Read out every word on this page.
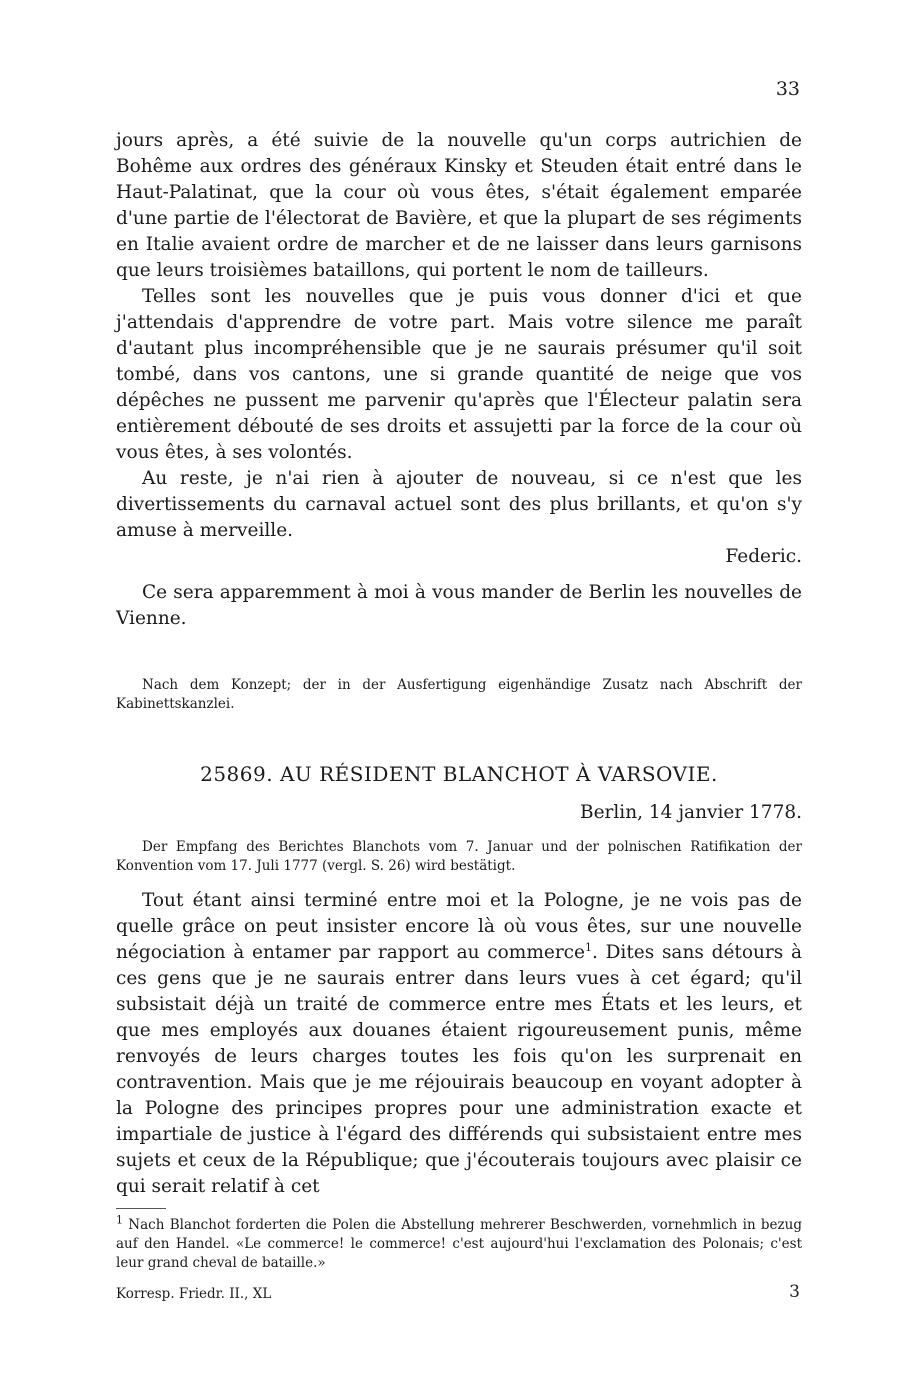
33

jours après, a été suivie de la nouvelle qu'un corps autrichien de Bohême aux ordres des généraux Kinsky et Steuden était entré dans le Haut-Palatinat, que la cour où vous êtes, s'était également emparée d'une partie de l'électorat de Bavière, et que la plupart de ses régiments en Italie avaient ordre de marcher et de ne laisser dans leurs garnisons que leurs troisièmes bataillons, qui portent le nom de tailleurs.

Telles sont les nouvelles que je puis vous donner d'ici et que j'attendais d'apprendre de votre part. Mais votre silence me paraît d'autant plus incompréhensible que je ne saurais présumer qu'il soit tombé, dans vos cantons, une si grande quantité de neige que vos dépêches ne pussent me parvenir qu'après que l'Électeur palatin sera entièrement débouté de ses droits et assujetti par la force de la cour où vous êtes, à ses volontés.

Au reste, je n'ai rien à ajouter de nouveau, si ce n'est que les divertissements du carnaval actuel sont des plus brillants, et qu'on s'y amuse à merveille.

Federic.

Ce sera apparemment à moi à vous mander de Berlin les nouvelles de Vienne.

Nach dem Konzept; der in der Ausfertigung eigenhändige Zusatz nach Abschrift der Kabinettskanzlei.

25869. AU RÉSIDENT BLANCHOT À VARSOVIE.
Berlin, 14 janvier 1778.

Der Empfang des Berichtes Blanchots vom 7. Januar und der polnischen Ratifikation der Konvention vom 17. Juli 1777 (vergl. S. 26) wird bestätigt.

Tout étant ainsi terminé entre moi et la Pologne, je ne vois pas de quelle grâce on peut insister encore là où vous êtes, sur une nouvelle négociation à entamer par rapport au commerce$^1$. Dites sans détours à ces gens que je ne saurais entrer dans leurs vues à cet égard; qu'il subsistait déjà un traité de commerce entre mes États et les leurs, et que mes employés aux douanes étaient rigoureusement punis, même renvoyés de leurs charges toutes les fois qu'on les surprenait en contravention. Mais que je me réjouirais beaucoup en voyant adopter à la Pologne des principes propres pour une administration exacte et impartiale de justice à l'égard des différends qui subsistaient entre mes sujets et ceux de la République; que j'écouterais toujours avec plaisir ce qui serait relatif à cet

$^1$ Nach Blanchot forderten die Polen die Abstellung mehrerer Beschwerden, vornehmlich in bezug auf den Handel. «Le commerce! le commerce! c'est aujourd'hui l'exclamation des Polonais; c'est leur grand cheval de bataille.»
Korresp. Friedr. II., XL	3
